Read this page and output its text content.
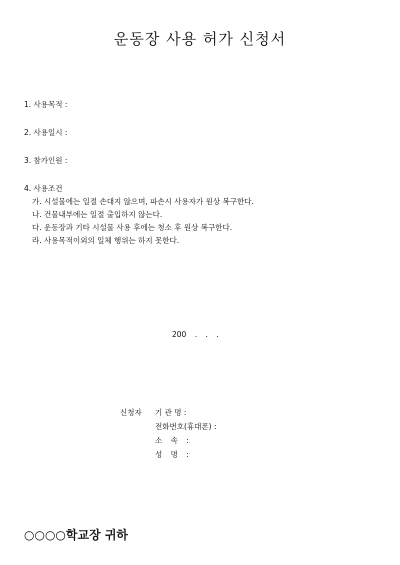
운동장 사용 허가 신청서
1. 사용목적 :
2. 사용일시 :
3. 참가인원 :
4. 사용조건
가. 시설물에는 일절 손대지 않으며, 파손시 사용자가 원상 복구한다.
나. 건물내부에는 일절 출입하지 않는다.
다. 운동장과 기타 시설물 사용 후에는 청소 후 원상 복구한다.
라. 사용목적이외의 일체 행위는 하지 못한다.
200 . . .
신청자 기 관 명 :
전화번호(휴대폰) :
소 속 :
성 명 :
○○○○학교장 귀하
